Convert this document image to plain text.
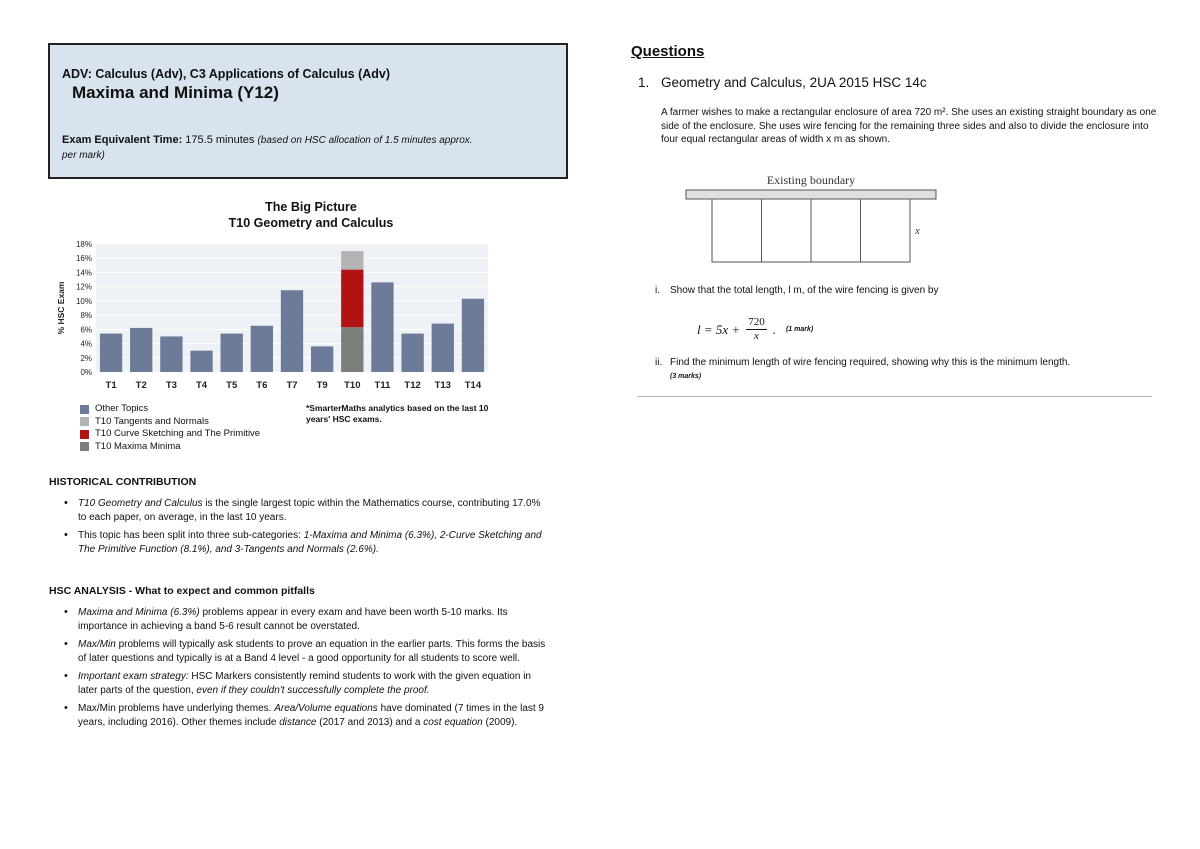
ADV: Calculus (Adv), C3 Applications of Calculus (Adv)
Maxima and Minima (Y12)
Exam Equivalent Time: 175.5 minutes (based on HSC allocation of 1.5 minutes approx. per mark)
The Big Picture
T10 Geometry and Calculus
0%
2%
4%
6%
8%
10%
12%
14%
16%
18%
% HSC Exam
T1 T2 T3 T4 T5 T6 T7 T9 T10 T11 T12 T13 T14
Other Topics
T10 Tangents and Normals
T10 Curve Sketching and The Primitive
T10 Maxima Minima
*SmarterMaths analytics based on the last 10 years' HSC exams.
HISTORICAL CONTRIBUTION
• T10 Geometry and Calculus is the single largest topic within the Mathematics course, contributing 17.0% to each paper, on average, in the last 10 years.
• This topic has been split into three sub-categories: 1-Maxima and Minima (6.3%), 2-Curve Sketching and The Primitive Function (8.1%), and 3-Tangents and Normals (2.6%).
HSC ANALYSIS - What to expect and common pitfalls
• Maxima and Minima (6.3%) problems appear in every exam and have been worth 5-10 marks. Its importance in achieving a band 5-6 result cannot be overstated.
• Max/Min problems will typically ask students to prove an equation in the earlier parts. This forms the basis of later questions and typically is at a Band 4 level - a good opportunity for all students to score well.
• Important exam strategy: HSC Markers consistently remind students to work with the given equation in later parts of the question, even if they couldn't successfully complete the proof.
• Max/Min problems have underlying themes. Area/Volume equations have dominated (7 times in the last 9 years, including 2016). Other themes include distance (2017 and 2013) and a cost equation (2009).
Questions
1. Geometry and Calculus, 2UA 2015 HSC 14c
A farmer wishes to make a rectangular enclosure of area 720 m². She uses an existing straight boundary as one side of the enclosure. She uses wire fencing for the remaining three sides and also to divide the enclosure into four equal rectangular areas of width x m as shown.
Existing boundary
x
i. Show that the total length, l m, of the wire fencing is given by
$l = 5x + \frac{720}{x}$ . (1 mark)
ii. Find the minimum length of wire fencing required, showing why this is the minimum length.
(3 marks)
